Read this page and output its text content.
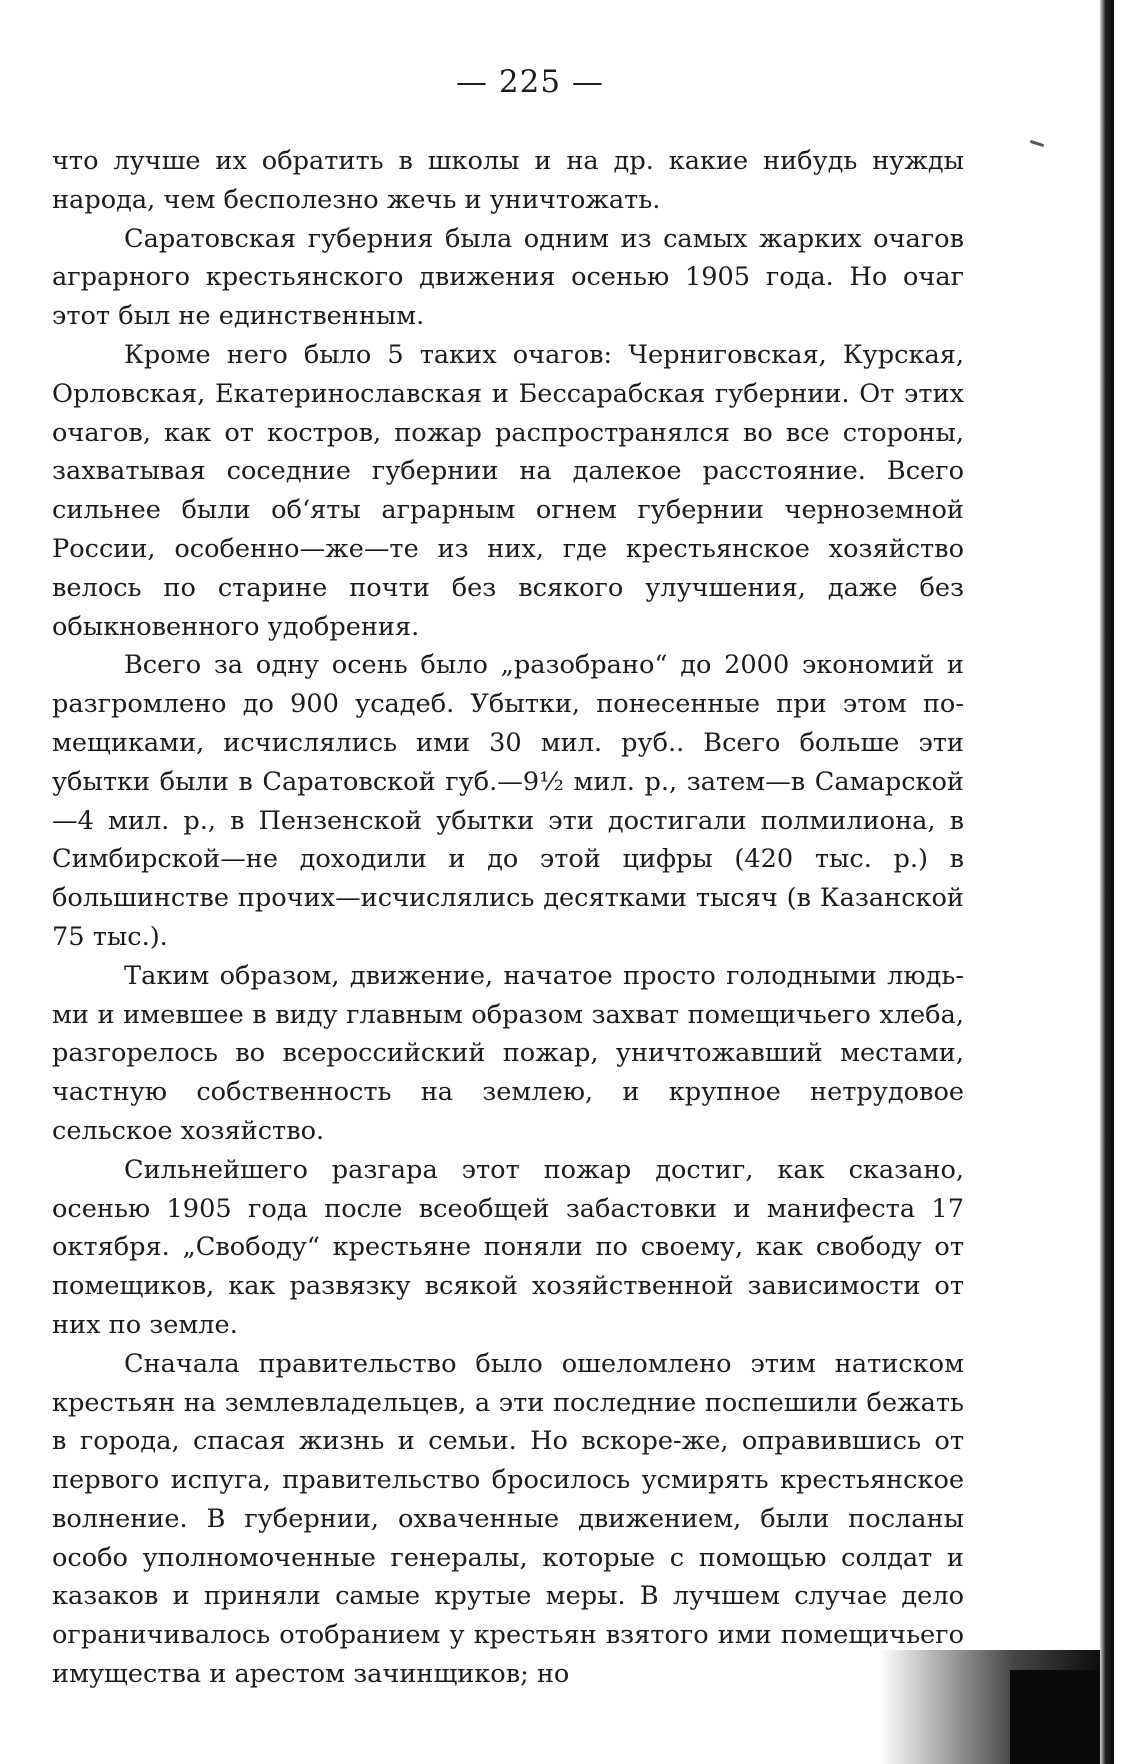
— 225 —

что лучше их обратить в школы и на др. какие нибудь нужды народа, чем бесполезно жечь и уничтожать.

Саратовская губерния была одним из самых жарких очагов аграрного крестьянского движения осенью 1905 года. Но очаг этот был не единственным.

Кроме него было 5 таких очагов: Черниговская, Курская, Орловская, Екатеринославская и Бессарабская губернии. От этих очагов, как от костров, пожар распространялся во все стороны, захватывая соседние губернии на далекое расстояние. Всего сильнее были об‘яты аграрным огнем губернии черноземной России, особенно—же—те из них, где крестьянское хозяйство велось по старине почти без всякого улучшения, даже без обыкновенного удобрения.

Всего за одну осень было „разобрано“ до 2000 экономий и разгромлено до 900 усадеб. Убытки, понесенные при этом помещиками, исчислялись ими 30 мил. руб.. Всего больше эти убытки были в Саратовской губ.—9½ мил. р., затем—в Самарской—4 мил. р., в Пензенской убытки эти достигали полмилиона, в Симбирской—не доходили и до этой цифры (420 тыс. р.) в большинстве прочих—исчислялись десятками тысяч (в Казанской 75 тыс.).

Таким образом, движение, начатое просто голодными людьми и имевшее в виду главным образом захват помещичьего хлеба, разгорелось во всероссийский пожар, уничтожавший местами, частную собственность на землею, и крупное нетрудовое сельское хозяйство.

Сильнейшего разгара этот пожар достиг, как сказано, осенью 1905 года после всеобщей забастовки и манифеста 17 октября. „Свободу“ крестьяне поняли по своему, как свободу от помещиков, как развязку всякой хозяйственной зависимости от них по земле.

Сначала правительство было ошеломлено этим натиском крестьян на землевладельцев, а эти последние поспешили бежать в города, спасая жизнь и семьи. Но вскоре-же, оправившись от первого испуга, правительство бросилось усмирять крестьянское волнение. В губернии, охваченные движением, были посланы особо уполномоченные генералы, которые с помощью солдат и казаков и приняли самые крутые меры. В лучшем случае дело ограничивалось отобранием у крестьян взятого ими помещичьего имущества и арестом зачинщиков; но
